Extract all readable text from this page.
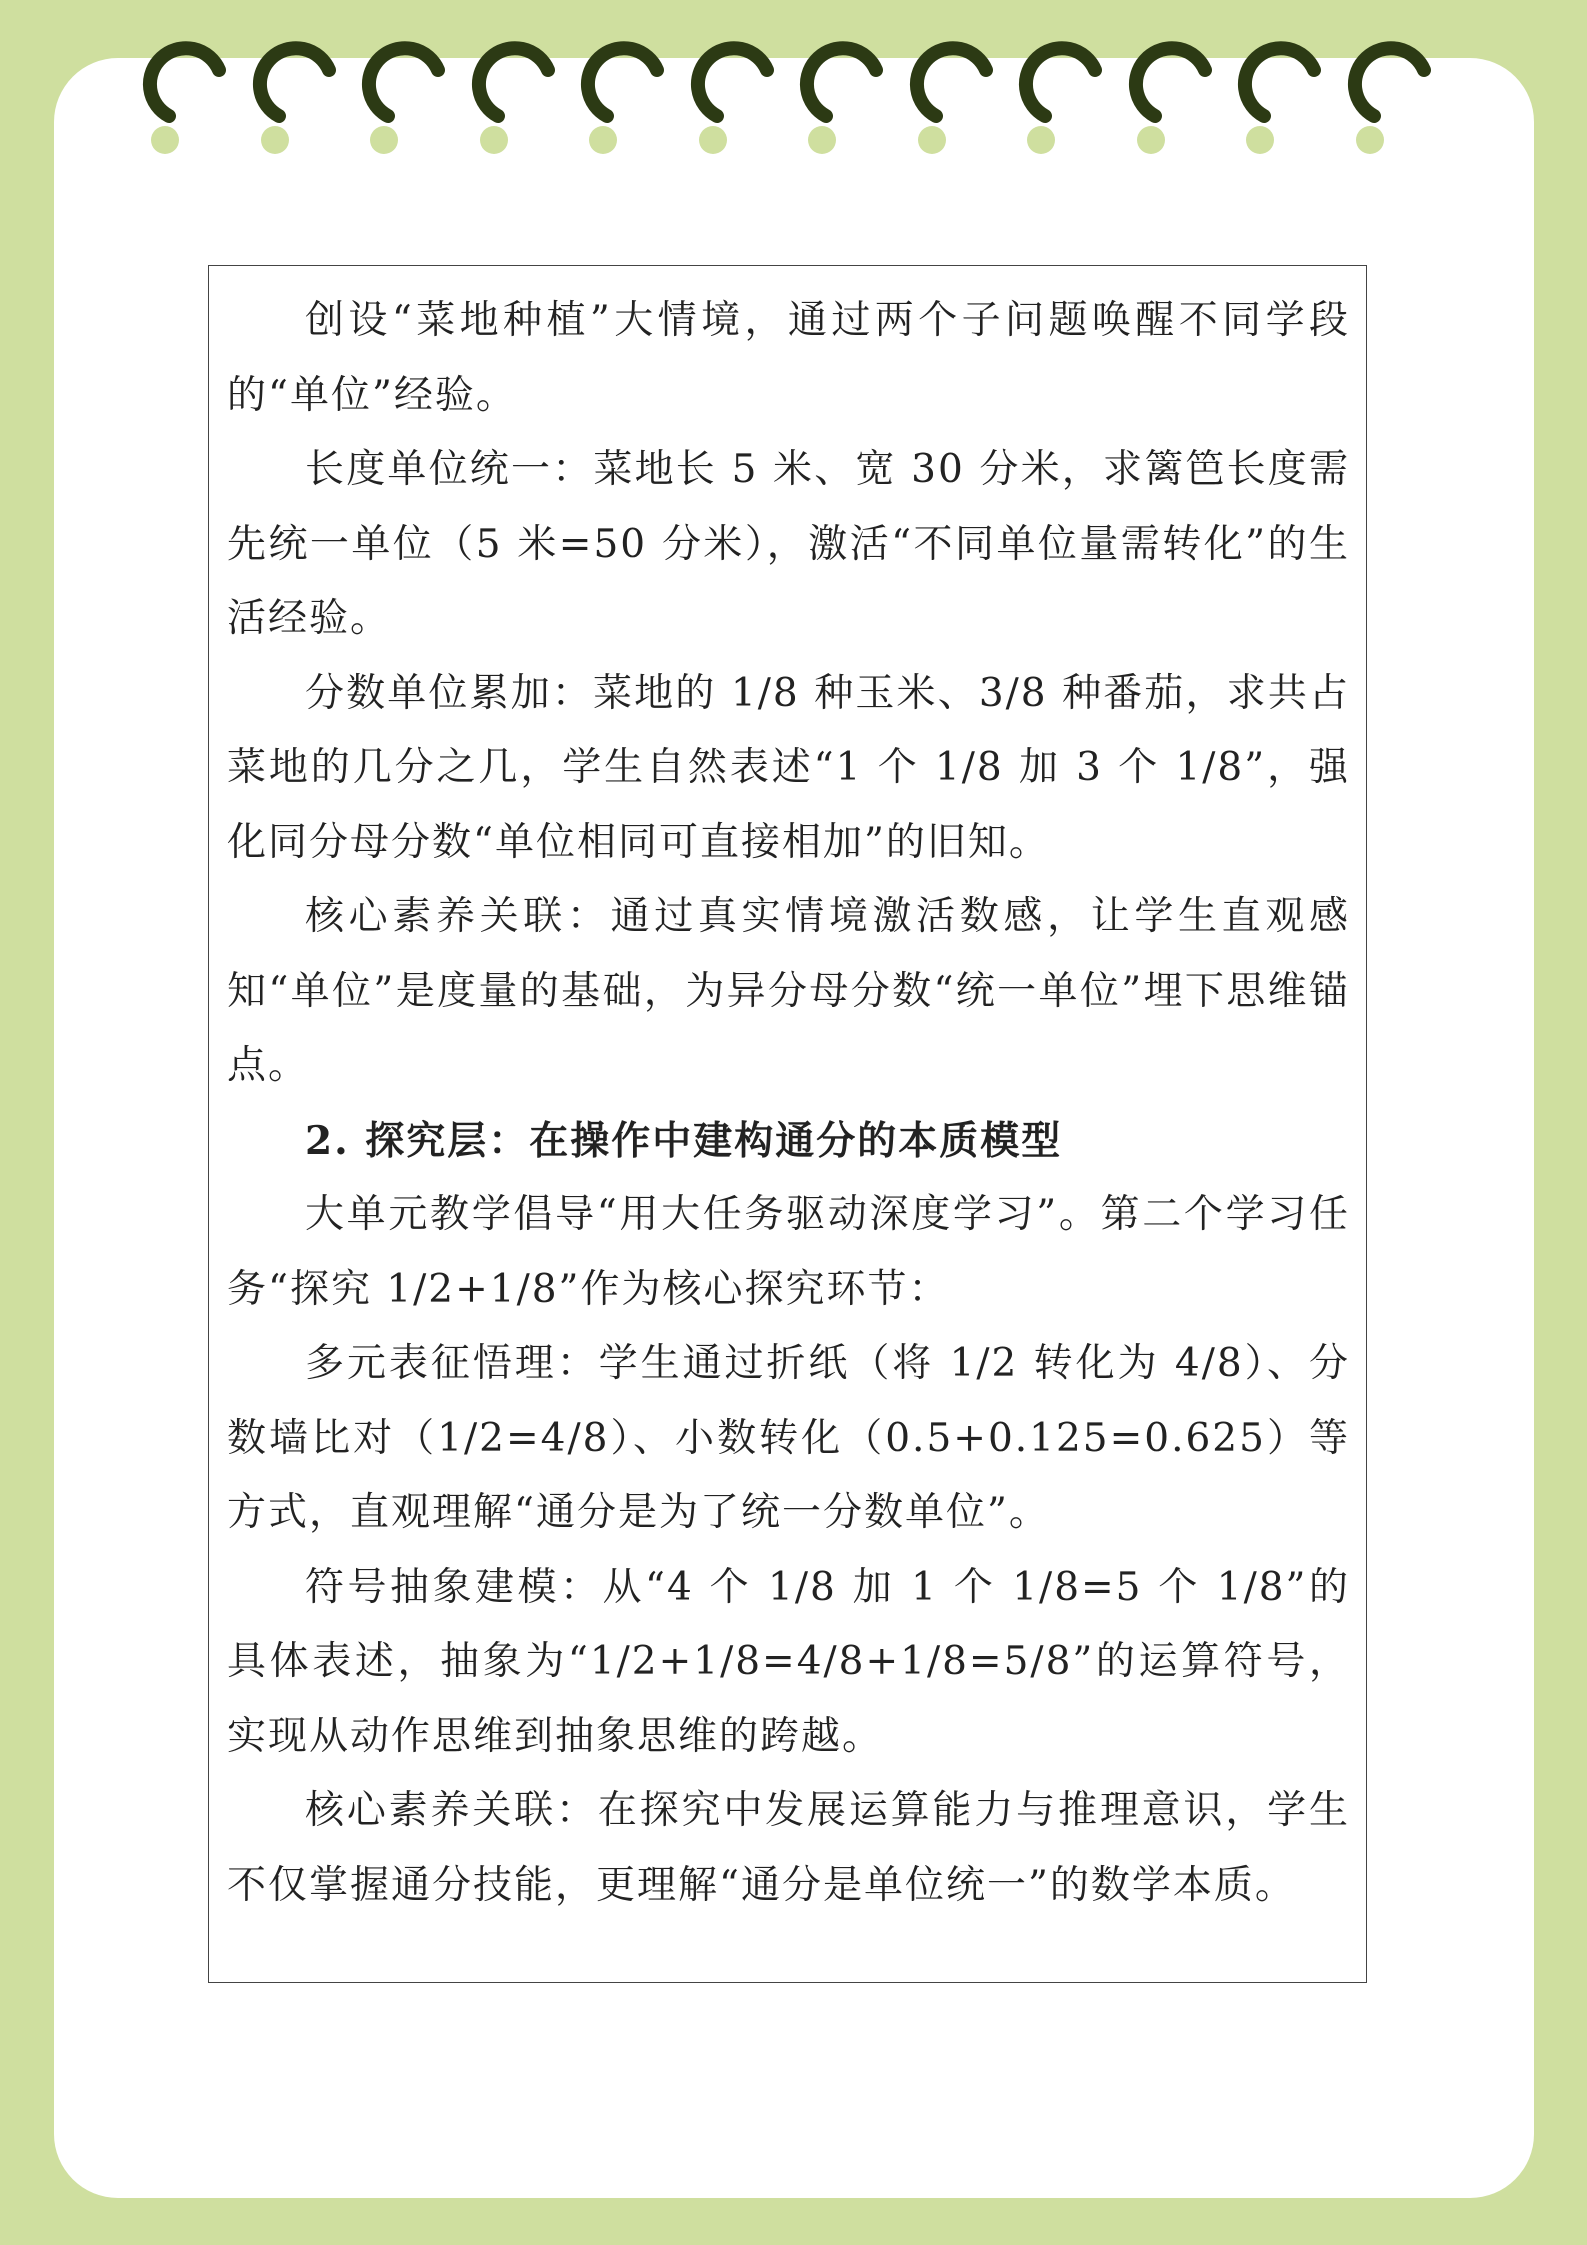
创设“菜地种植”大情境，通过两个子问题唤醒不同学段的“单位”经验。

长度单位统一：菜地长 5 米、宽 30 分米，求篱笆长度需先统一单位（5 米=50 分米），激活“不同单位量需转化”的生活经验。

分数单位累加：菜地的 1/8 种玉米、3/8 种番茄，求共占菜地的几分之几，学生自然表述“1 个 1/8 加 3 个 1/8”，强化同分母分数“单位相同可直接相加”的旧知。

核心素养关联：通过真实情境激活数感，让学生直观感知“单位”是度量的基础，为异分母分数“统一单位”埋下思维锚点。

2. 探究层：在操作中建构通分的本质模型

大单元教学倡导“用大任务驱动深度学习”。第二个学习任务“探究 1/2+1/8”作为核心探究环节：

多元表征悟理：学生通过折纸（将 1/2 转化为 4/8）、分数墙比对（1/2=4/8）、小数转化（0.5+0.125=0.625）等方式，直观理解“通分是为了统一分数单位”。

符号抽象建模：从“4 个 1/8 加 1 个 1/8=5 个 1/8”的具体表述，抽象为“1/2+1/8=4/8+1/8=5/8”的运算符号，实现从动作思维到抽象思维的跨越。

核心素养关联：在探究中发展运算能力与推理意识，学生不仅掌握通分技能，更理解“通分是单位统一”的数学本质。
